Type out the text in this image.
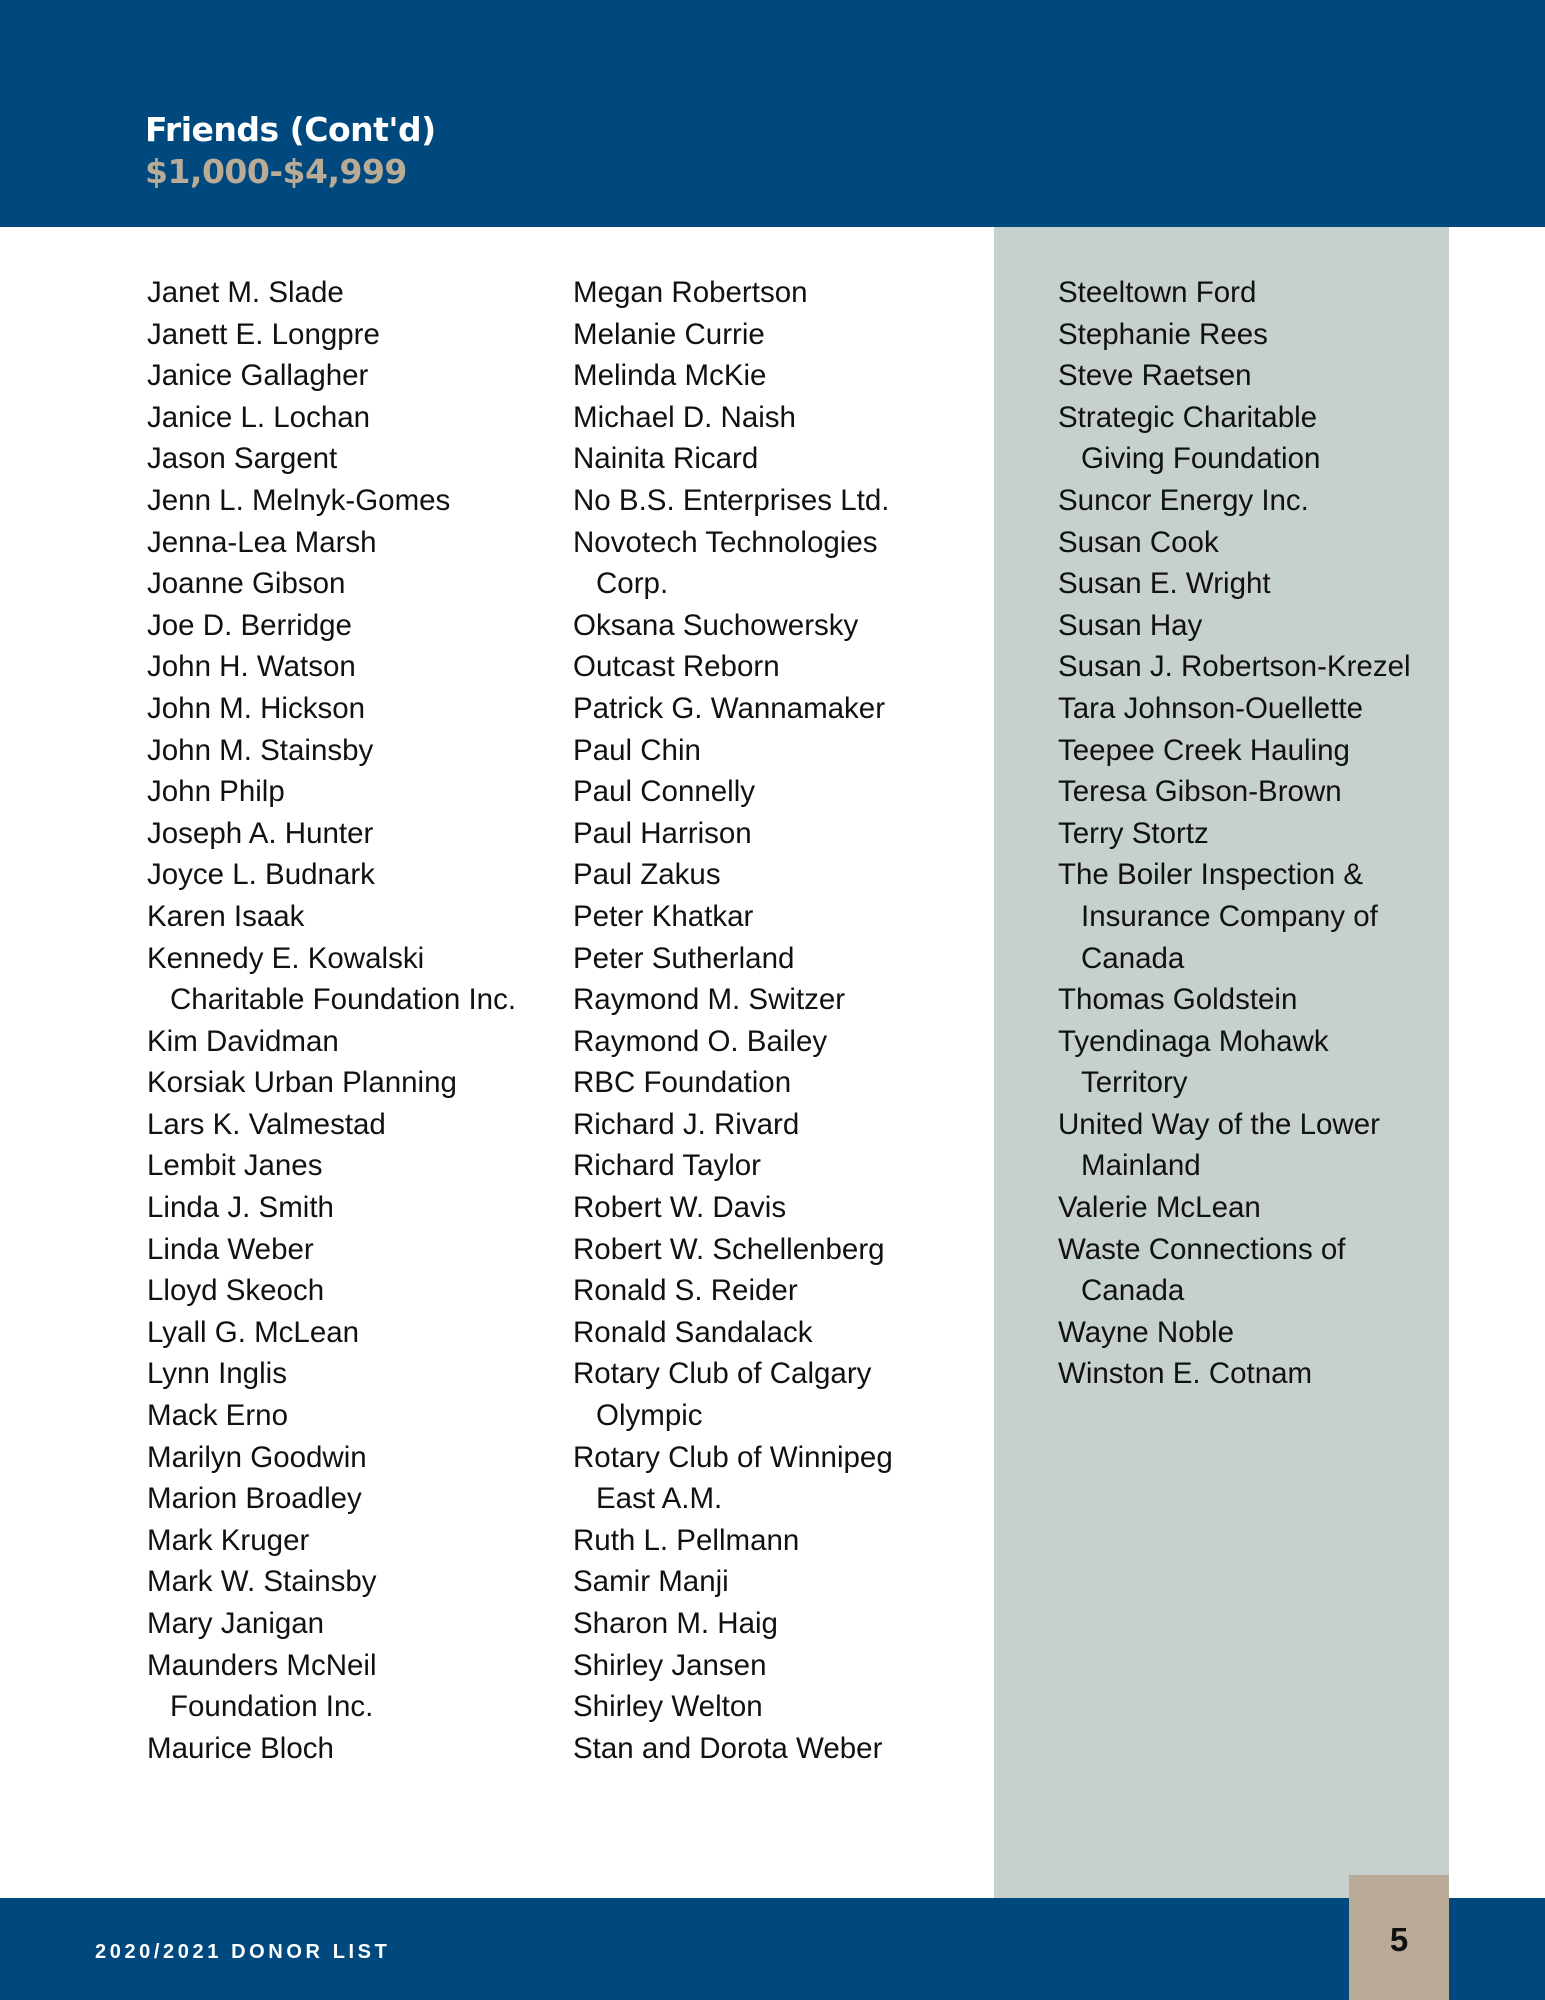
Friends (Cont'd)
$1,000-$4,999
Janet M. Slade
Janett E. Longpre
Janice Gallagher
Janice L. Lochan
Jason Sargent
Jenn L. Melnyk-Gomes
Jenna-Lea Marsh
Joanne Gibson
Joe D. Berridge
John H. Watson
John M. Hickson
John M. Stainsby
John Philp
Joseph A. Hunter
Joyce L. Budnark
Karen Isaak
Kennedy E. Kowalski

Charitable Foundation Inc.
Kim Davidman
Korsiak Urban Planning
Lars K. Valmestad
Lembit Janes
Linda J. Smith
Linda Weber
Lloyd Skeoch
Lyall G. McLean
Lynn Inglis
Mack Erno
Marilyn Goodwin
Marion Broadley
Mark Kruger
Mark W. Stainsby
Mary Janigan
Maunders McNeil

Foundation Inc.
Maurice Bloch
Megan Robertson
Melanie Currie
Melinda McKie
Michael D. Naish
Nainita Ricard
No B.S. Enterprises Ltd.
Novotech Technologies

Corp.
Oksana Suchowersky
Outcast Reborn
Patrick G. Wannamaker
Paul Chin
Paul Connelly
Paul Harrison
Paul Zakus
Peter Khatkar
Peter Sutherland
Raymond M. Switzer
Raymond O. Bailey
RBC Foundation
Richard J. Rivard
Richard Taylor
Robert W. Davis
Robert W. Schellenberg
Ronald S. Reider
Ronald Sandalack
Rotary Club of Calgary

Olympic
Rotary Club of Winnipeg

East A.M.
Ruth L. Pellmann
Samir Manji
Sharon M. Haig
Shirley Jansen
Shirley Welton
Stan and Dorota Weber
Steeltown Ford
Stephanie Rees
Steve Raetsen
Strategic Charitable

Giving Foundation
Suncor Energy Inc.
Susan Cook
Susan E. Wright
Susan Hay
Susan J. Robertson-Krezel
Tara Johnson-Ouellette
Teepee Creek Hauling
Teresa Gibson-Brown
Terry Stortz
The Boiler Inspection &

Insurance Company of
Canada
Thomas Goldstein
Tyendinaga Mohawk

Territory
United Way of the Lower

Mainland
Valerie McLean
Waste Connections of

Canada
Wayne Noble
Winston E. Cotnam
2020/2021 DONOR LIST	5
